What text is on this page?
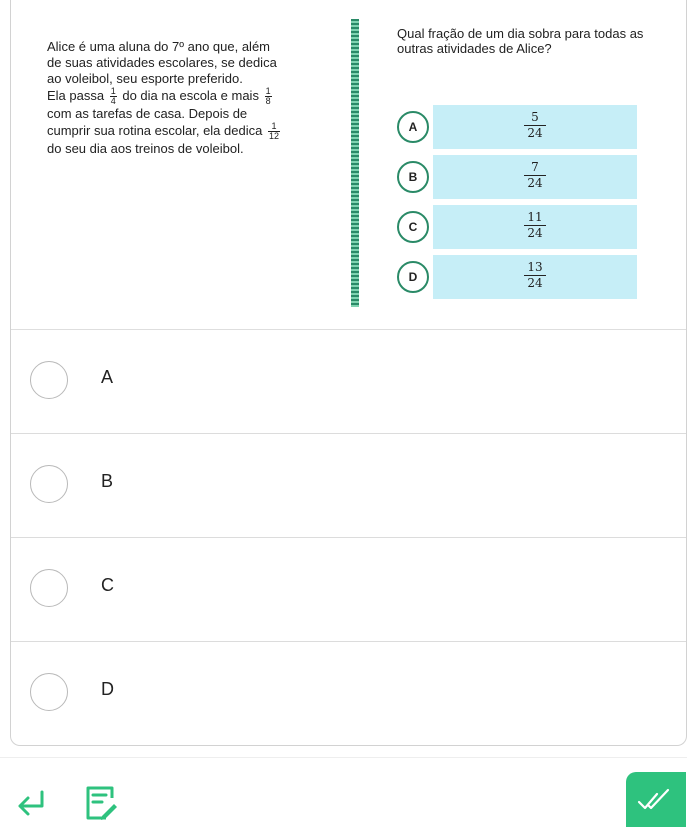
Alice é uma aluna do 7º ano que, além
de suas atividades escolares, se dedica
ao voleibol, seu esporte preferido.
Ela passa $\frac{1}{4}$ do dia na escola e mais $\frac{1}{8}$
com as tarefas de casa. Depois de
cumprir sua rotina escolar, ela dedica $\frac{1}{12}$
do seu dia aos treinos de voleibol.
Qual fração de um dia sobra para todas as outras atividades de Alice?
A	$\frac{5}{24}$
B	$\frac{7}{24}$
C	$\frac{11}{24}$
D	$\frac{13}{24}$
A
B
C
D
